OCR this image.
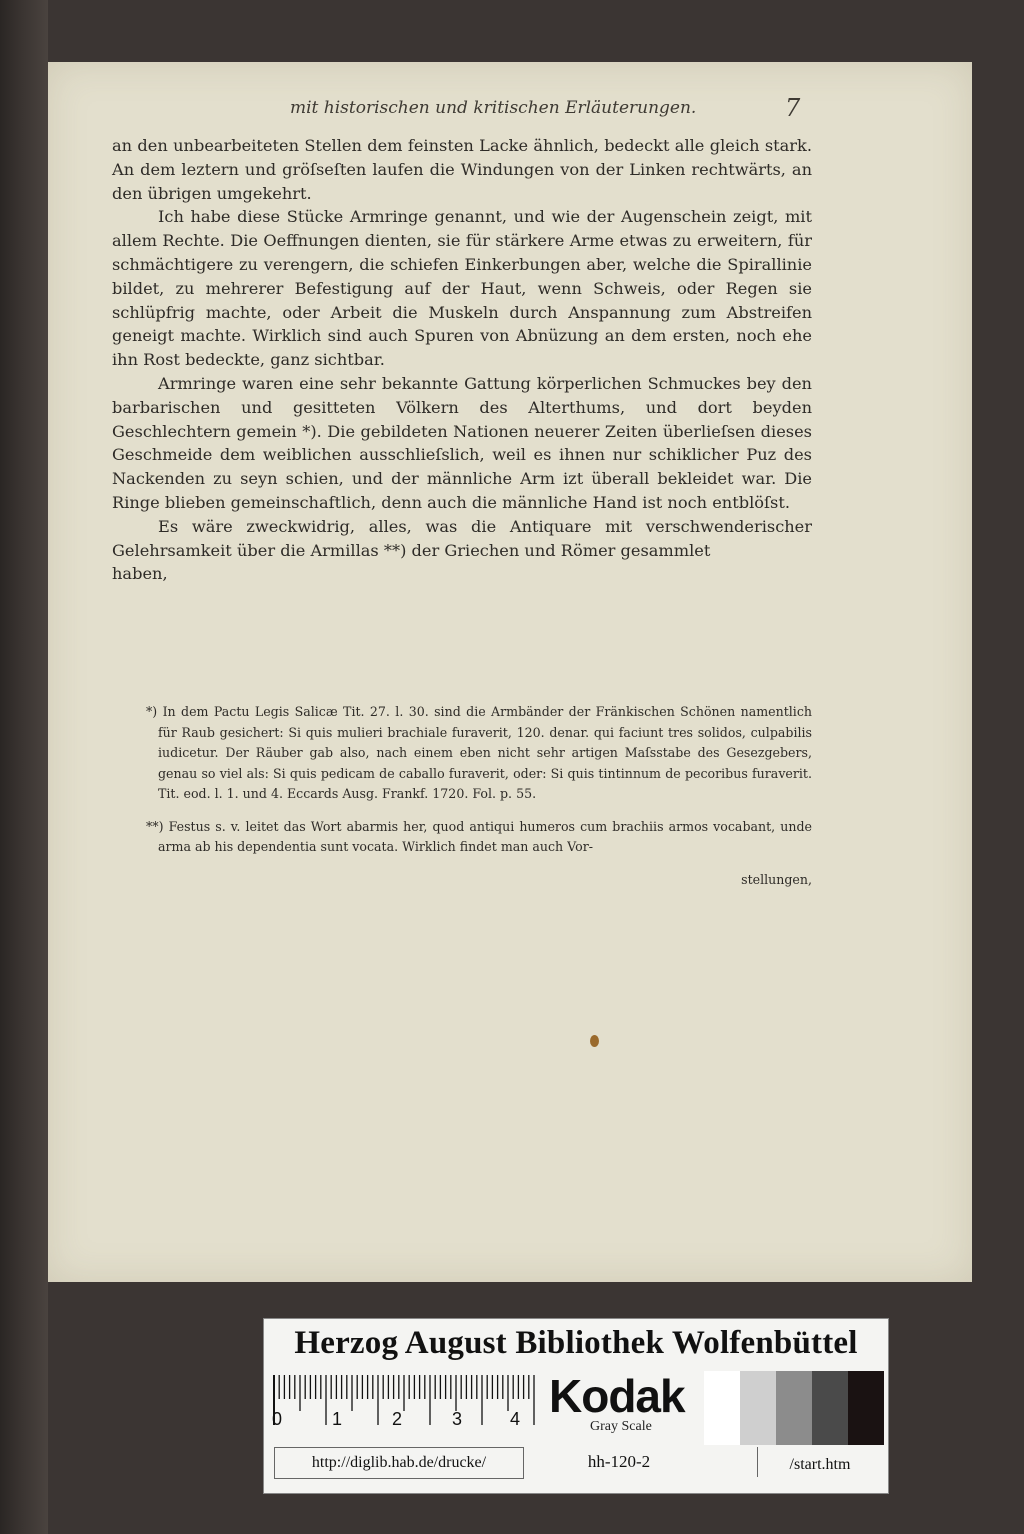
mit historischen und kritischen Erläuterungen.	7

an den unbearbeiteten Stellen dem feinsten Lacke ähnlich, bedeckt alle gleich stark. An dem leztern und gröſseſten laufen die Windungen von der Linken rechtwärts, an den übrigen umgekehrt.

Ich habe diese Stücke Armringe genannt, und wie der Augenschein zeigt, mit allem Rechte. Die Oeffnungen dienten, sie für stärkere Arme etwas zu erweitern, für schmächtigere zu verengern, die schiefen Einkerbungen aber, welche die Spirallinie bildet, zu mehrerer Befestigung auf der Haut, wenn Schweis, oder Regen sie schlüpfrig machte, oder Arbeit die Muskeln durch Anspannung zum Abstreifen geneigt machte. Wirklich sind auch Spuren von Abnüzung an dem ersten, noch ehe ihn Rost bedeckte, ganz sichtbar.

Armringe waren eine sehr bekannte Gattung körperlichen Schmuckes bey den barbarischen und gesitteten Völkern des Alterthums, und dort beyden Geschlechtern gemein *). Die gebildeten Nationen neuerer Zeiten überlieſsen dieses Geschmeide dem weiblichen ausschlieſslich, weil es ihnen nur schiklicher Puz des Nackenden zu seyn schien, und der männliche Arm izt überall bekleidet war. Die Ringe blieben gemeinschaftlich, denn auch die männliche Hand ist noch entblöſst.

Es wäre zweckwidrig, alles, was die Antiquare mit verschwenderischer Gelehrsamkeit über die Armillas **) der Griechen und Römer gesammlet

haben,

*) In dem Pactu Legis Salicæ Tit. 27. l. 30. sind die Armbänder der Fränkischen Schönen namentlich für Raub gesichert: Si quis mulieri brachiale furaverit, 120. denar. qui faciunt tres solidos, culpabilis iudicetur. Der Räuber gab also, nach einem eben nicht sehr artigen Maſsstabe des Gesezgebers, genau so viel als: Si quis pedicam de caballo furaverit, oder: Si quis tintinnum de pecoribus furaverit. Tit. eod. l. 1. und 4. Eccards Ausg. Frankf. 1720. Fol. p. 55.

**) Festus s. v. leitet das Wort abarmis her, quod antiqui humeros cum brachiis armos vocabant, unde arma ab his dependentia sunt vocata. Wirklich findet man auch Vor-

stellungen,

Herzog August Bibliothek Wolfenbüttel
0	1	2	3	4 Kodak
Gray Scale
http://diglib.hab.de/drucke/	hh-120-2	/start.htm
